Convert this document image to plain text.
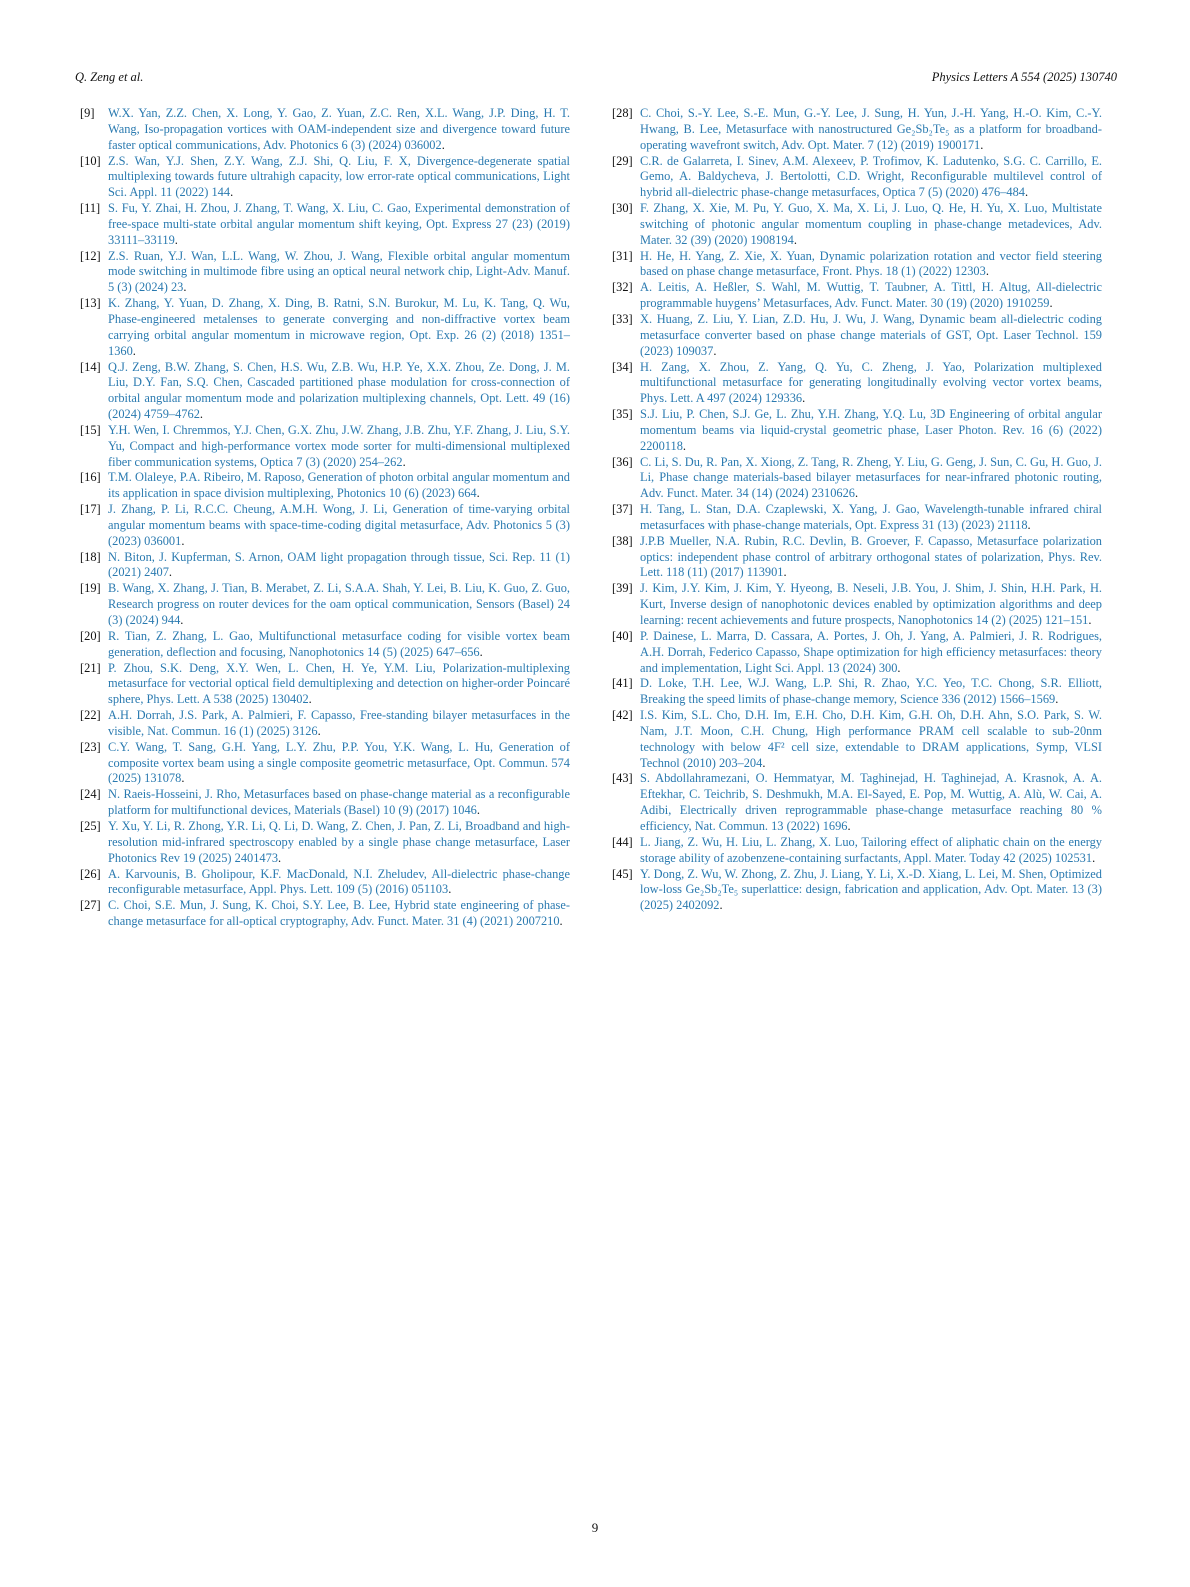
Q. Zeng et al.	Physics Letters A 554 (2025) 130740
[9]	W.X. Yan, Z.Z. Chen, X. Long, Y. Gao, Z. Yuan, Z.C. Ren, X.L. Wang, J.P. Ding, H. T. Wang, Iso-propagation vortices with OAM-independent size and divergence toward future faster optical communications, Adv. Photonics 6 (3) (2024) 036002.
[10] Z.S. Wan, Y.J. Shen, Z.Y. Wang, Z.J. Shi, Q. Liu, F. X, Divergence-degenerate spatial multiplexing towards future ultrahigh capacity, low error-rate optical communications, Light Sci. Appl. 11 (2022) 144.
[11] S. Fu, Y. Zhai, H. Zhou, J. Zhang, T. Wang, X. Liu, C. Gao, Experimental demonstration of free-space multi-state orbital angular momentum shift keying, Opt. Express 27 (23) (2019) 33111–33119.
[12] Z.S. Ruan, Y.J. Wan, L.L. Wang, W. Zhou, J. Wang, Flexible orbital angular momentum mode switching in multimode fibre using an optical neural network chip, Light-Adv. Manuf. 5 (3) (2024) 23.
[13] K. Zhang, Y. Yuan, D. Zhang, X. Ding, B. Ratni, S.N. Burokur, M. Lu, K. Tang, Q. Wu, Phase-engineered metalenses to generate converging and non-diffractive vortex beam carrying orbital angular momentum in microwave region, Opt. Exp. 26 (2) (2018) 1351–1360.
[14] Q.J. Zeng, B.W. Zhang, S. Chen, H.S. Wu, Z.B. Wu, H.P. Ye, X.X. Zhou, Ze. Dong, J. M. Liu, D.Y. Fan, S.Q. Chen, Cascaded partitioned phase modulation for cross-connection of orbital angular momentum mode and polarization multiplexing channels, Opt. Lett. 49 (16) (2024) 4759–4762.
[15] Y.H. Wen, I. Chremmos, Y.J. Chen, G.X. Zhu, J.W. Zhang, J.B. Zhu, Y.F. Zhang, J. Liu, S.Y. Yu, Compact and high-performance vortex mode sorter for multi-dimensional multiplexed fiber communication systems, Optica 7 (3) (2020) 254–262.
[16] T.M. Olaleye, P.A. Ribeiro, M. Raposo, Generation of photon orbital angular momentum and its application in space division multiplexing, Photonics 10 (6) (2023) 664.
[17] J. Zhang, P. Li, R.C.C. Cheung, A.M.H. Wong, J. Li, Generation of time-varying orbital angular momentum beams with space-time-coding digital metasurface, Adv. Photonics 5 (3) (2023) 036001.
[18] N. Biton, J. Kupferman, S. Arnon, OAM light propagation through tissue, Sci. Rep. 11 (1) (2021) 2407.
[19] B. Wang, X. Zhang, J. Tian, B. Merabet, Z. Li, S.A.A. Shah, Y. Lei, B. Liu, K. Guo, Z. Guo, Research progress on router devices for the oam optical communication, Sensors (Basel) 24 (3) (2024) 944.
[20] R. Tian, Z. Zhang, L. Gao, Multifunctional metasurface coding for visible vortex beam generation, deflection and focusing, Nanophotonics 14 (5) (2025) 647–656.
[21] P. Zhou, S.K. Deng, X.Y. Wen, L. Chen, H. Ye, Y.M. Liu, Polarization-multiplexing metasurface for vectorial optical field demultiplexing and detection on higher-order Poincaré sphere, Phys. Lett. A 538 (2025) 130402.
[22] A.H. Dorrah, J.S. Park, A. Palmieri, F. Capasso, Free-standing bilayer metasurfaces in the visible, Nat. Commun. 16 (1) (2025) 3126.
[23] C.Y. Wang, T. Sang, G.H. Yang, L.Y. Zhu, P.P. You, Y.K. Wang, L. Hu, Generation of composite vortex beam using a single composite geometric metasurface, Opt. Commun. 574 (2025) 131078.
[24] N. Raeis-Hosseini, J. Rho, Metasurfaces based on phase-change material as a reconfigurable platform for multifunctional devices, Materials (Basel) 10 (9) (2017) 1046.
[25] Y. Xu, Y. Li, R. Zhong, Y.R. Li, Q. Li, D. Wang, Z. Chen, J. Pan, Z. Li, Broadband and high-resolution mid-infrared spectroscopy enabled by a single phase change metasurface, Laser Photonics Rev 19 (2025) 2401473.
[26] A. Karvounis, B. Gholipour, K.F. MacDonald, N.I. Zheludev, All-dielectric phase-change reconfigurable metasurface, Appl. Phys. Lett. 109 (5) (2016) 051103.
[27] C. Choi, S.E. Mun, J. Sung, K. Choi, S.Y. Lee, B. Lee, Hybrid state engineering of phase-change metasurface for all-optical cryptography, Adv. Funct. Mater. 31 (4) (2021) 2007210.
[28] C. Choi, S.-Y. Lee, S.-E. Mun, G.-Y. Lee, J. Sung, H. Yun, J.-H. Yang, H.-O. Kim, C.-Y. Hwang, B. Lee, Metasurface with nanostructured Ge₂Sb₂Te₅ as a platform for broadband-operating wavefront switch, Adv. Opt. Mater. 7 (12) (2019) 1900171.
[29] C.R. de Galarreta, I. Sinev, A.M. Alexeev, P. Trofimov, K. Ladutenko, S.G. C. Carrillo, E. Gemo, A. Baldycheva, J. Bertolotti, C.D. Wright, Reconfigurable multilevel control of hybrid all-dielectric phase-change metasurfaces, Optica 7 (5) (2020) 476–484.
[30] F. Zhang, X. Xie, M. Pu, Y. Guo, X. Ma, X. Li, J. Luo, Q. He, H. Yu, X. Luo, Multistate switching of photonic angular momentum coupling in phase-change metadevices, Adv. Mater. 32 (39) (2020) 1908194.
[31] H. He, H. Yang, Z. Xie, X. Yuan, Dynamic polarization rotation and vector field steering based on phase change metasurface, Front. Phys. 18 (1) (2022) 12303.
[32] A. Leitis, A. Heßler, S. Wahl, M. Wuttig, T. Taubner, A. Tittl, H. Altug, All-dielectric programmable huygens’ Metasurfaces, Adv. Funct. Mater. 30 (19) (2020) 1910259.
[33] X. Huang, Z. Liu, Y. Lian, Z.D. Hu, J. Wu, J. Wang, Dynamic beam all-dielectric coding metasurface converter based on phase change materials of GST, Opt. Laser Technol. 159 (2023) 109037.
[34] H. Zang, X. Zhou, Z. Yang, Q. Yu, C. Zheng, J. Yao, Polarization multiplexed multifunctional metasurface for generating longitudinally evolving vector vortex beams, Phys. Lett. A 497 (2024) 129336.
[35] S.J. Liu, P. Chen, S.J. Ge, L. Zhu, Y.H. Zhang, Y.Q. Lu, 3D Engineering of orbital angular momentum beams via liquid-crystal geometric phase, Laser Photon. Rev. 16 (6) (2022) 2200118.
[36] C. Li, S. Du, R. Pan, X. Xiong, Z. Tang, R. Zheng, Y. Liu, G. Geng, J. Sun, C. Gu, H. Guo, J. Li, Phase change materials-based bilayer metasurfaces for near-infrared photonic routing, Adv. Funct. Mater. 34 (14) (2024) 2310626.
[37] H. Tang, L. Stan, D.A. Czaplewski, X. Yang, J. Gao, Wavelength-tunable infrared chiral metasurfaces with phase-change materials, Opt. Express 31 (13) (2023) 21118.
[38] J.P.B Mueller, N.A. Rubin, R.C. Devlin, B. Groever, F. Capasso, Metasurface polarization optics: independent phase control of arbitrary orthogonal states of polarization, Phys. Rev. Lett. 118 (11) (2017) 113901.
[39] J. Kim, J.Y. Kim, J. Kim, Y. Hyeong, B. Neseli, J.B. You, J. Shim, J. Shin, H.H. Park, H. Kurt, Inverse design of nanophotonic devices enabled by optimization algorithms and deep learning: recent achievements and future prospects, Nanophotonics 14 (2) (2025) 121–151.
[40] P. Dainese, L. Marra, D. Cassara, A. Portes, J. Oh, J. Yang, A. Palmieri, J. R. Rodrigues, A.H. Dorrah, Federico Capasso, Shape optimization for high efficiency metasurfaces: theory and implementation, Light Sci. Appl. 13 (2024) 300.
[41] D. Loke, T.H. Lee, W.J. Wang, L.P. Shi, R. Zhao, Y.C. Yeo, T.C. Chong, S.R. Elliott, Breaking the speed limits of phase-change memory, Science 336 (2012) 1566–1569.
[42] I.S. Kim, S.L. Cho, D.H. Im, E.H. Cho, D.H. Kim, G.H. Oh, D.H. Ahn, S.O. Park, S. W. Nam, J.T. Moon, C.H. Chung, High performance PRAM cell scalable to sub-20nm technology with below 4F² cell size, extendable to DRAM applications, Symp, VLSI Technol (2010) 203–204.
[43] S. Abdollahramezani, O. Hemmatyar, M. Taghinejad, H. Taghinejad, A. Krasnok, A. A. Eftekhar, C. Teichrib, S. Deshmukh, M.A. El-Sayed, E. Pop, M. Wuttig, A. Alù, W. Cai, A. Adibi, Electrically driven reprogrammable phase-change metasurface reaching 80 % efficiency, Nat. Commun. 13 (2022) 1696.
[44] L. Jiang, Z. Wu, H. Liu, L. Zhang, X. Luo, Tailoring effect of aliphatic chain on the energy storage ability of azobenzene-containing surfactants, Appl. Mater. Today 42 (2025) 102531.
[45] Y. Dong, Z. Wu, W. Zhong, Z. Zhu, J. Liang, Y. Li, X.-D. Xiang, L. Lei, M. Shen, Optimized low-loss Ge₂Sb₂Te₅ superlattice: design, fabrication and application, Adv. Opt. Mater. 13 (3) (2025) 2402092.
9
